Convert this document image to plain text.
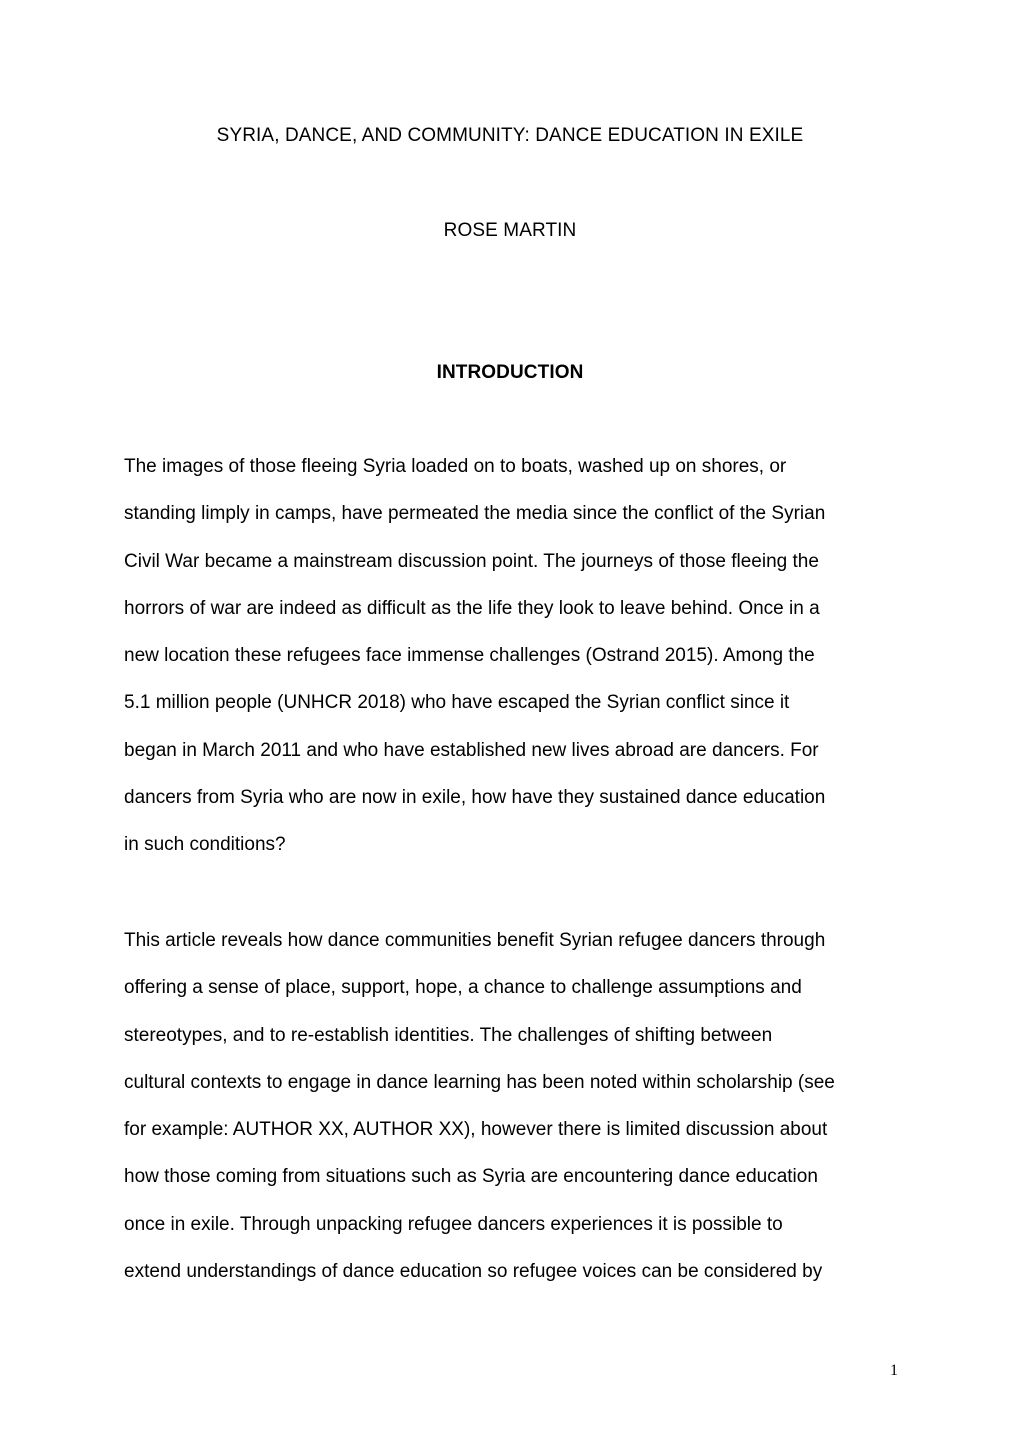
SYRIA, DANCE, AND COMMUNITY: DANCE EDUCATION IN EXILE
ROSE MARTIN
INTRODUCTION

The images of those fleeing Syria loaded on to boats, washed up on shores, or
standing limply in camps, have permeated the media since the conflict of the Syrian
Civil War became a mainstream discussion point. The journeys of those fleeing the
horrors of war are indeed as difficult as the life they look to leave behind. Once in a
new location these refugees face immense challenges (Ostrand 2015). Among the
5.1 million people (UNHCR 2018) who have escaped the Syrian conflict since it
began in March 2011 and who have established new lives abroad are dancers. For
dancers from Syria who are now in exile, how have they sustained dance education
in such conditions?

This article reveals how dance communities benefit Syrian refugee dancers through
offering a sense of place, support, hope, a chance to challenge assumptions and
stereotypes, and to re-establish identities. The challenges of shifting between
cultural contexts to engage in dance learning has been noted within scholarship (see
for example: AUTHOR XX, AUTHOR XX), however there is limited discussion about
how those coming from situations such as Syria are encountering dance education
once in exile. Through unpacking refugee dancers experiences it is possible to
extend understandings of dance education so refugee voices can be considered by

1
